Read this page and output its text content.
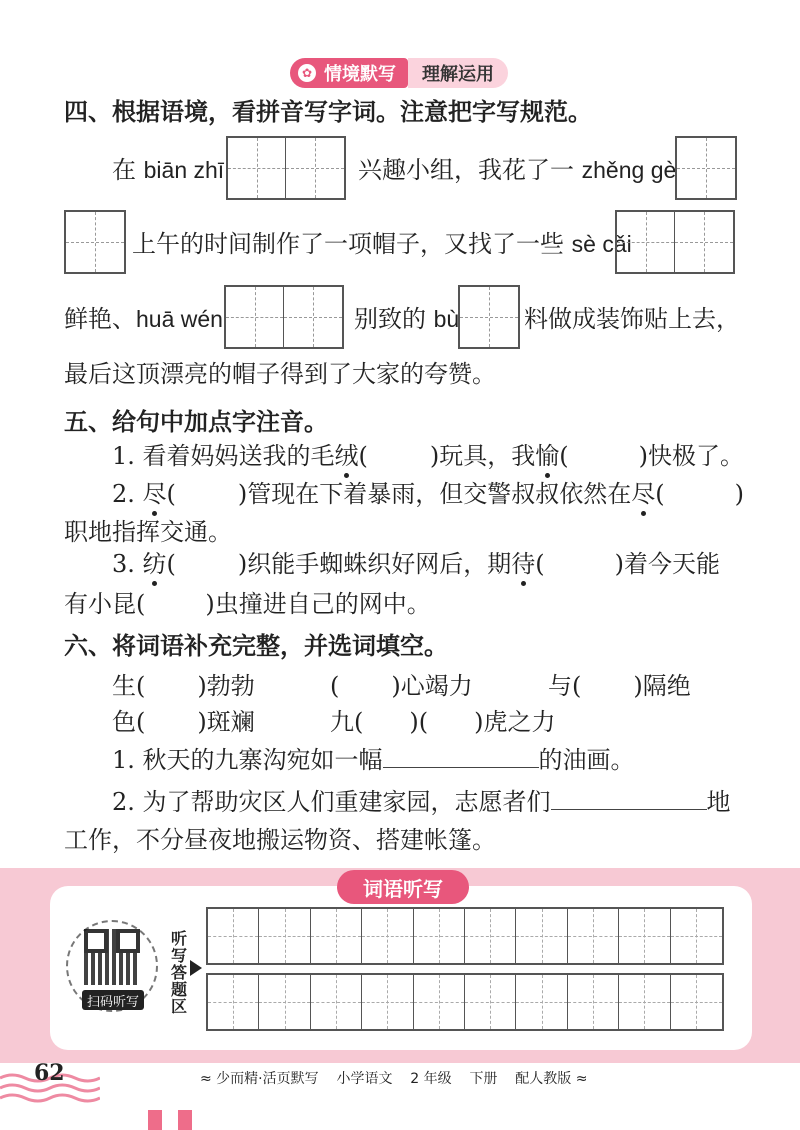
✿ 情境默写	理解运用
四、根据语境，看拼音写字词。注意把字写规范。
在 biān zhī	兴趣小组，我花了一 zhěng gè
上午的时间制作了一项帽子，又找了一些 sè cǎi
鲜艳、huā wén	别致的 bù	料做成装饰贴上去，
最后这顶漂亮的帽子得到了大家的夸赞。
五、给句中加点字注音。
1. 看着妈妈送我的毛绒(	)玩具，我愉(	)快极了。
2. 尽(	)管现在下着暴雨，但交警叔叔依然在尽(	)
职地指挥交通。
3. 纺(	)织能手蜘蛛织好网后，期待(	)着今天能
有小昆(	)虫撞进自己的网中。
六、将词语补充完整，并选词填空。
生( )勃勃	( )心竭力	与( )隔绝
色( )斑斓	九( )( )虎之力
1. 秋天的九寨沟宛如一幅	的油画。
2. 为了帮助灾区人们重建家园，志愿者们	地
工作，不分昼夜地搬运物资、搭建帐篷。
词语听写
扫码听写
听
写
答
题
区
62	≈ 少而精·活页默写 小学语文 2 年级 下册 配人教版 ≈
